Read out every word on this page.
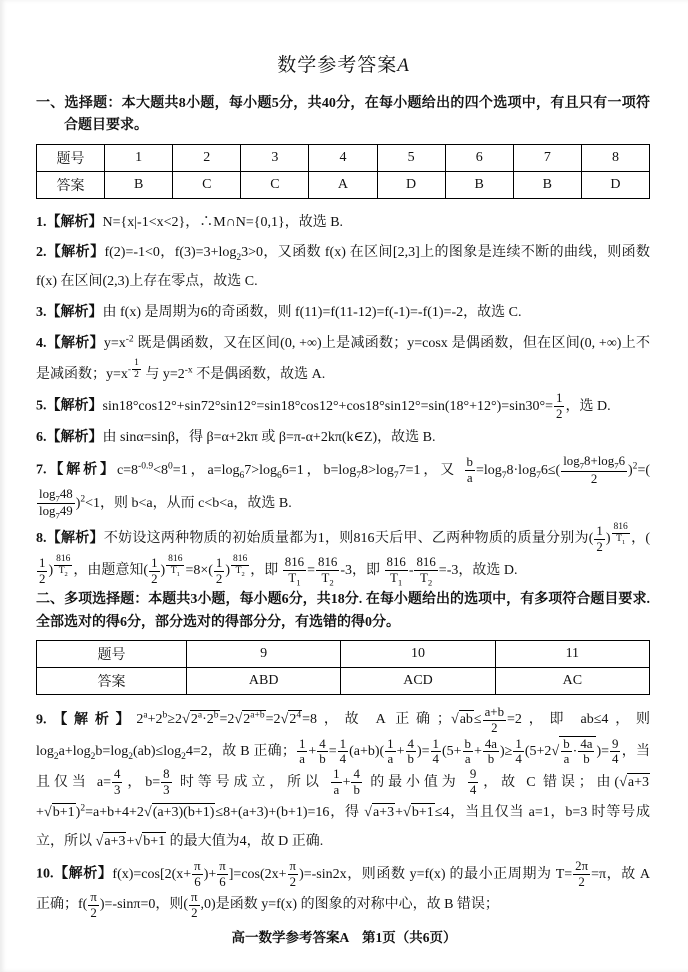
数学参考答案A

一、选择题：本大题共8小题，每小题5分，共40分，在每小题给出的四个选项中，有且只有一项符合题目要求。

题号	1	2	3	4	5	6	7	8
答案	B	C	C	A	D	B	B	D

1.【解析】N={x|-1<x<2}，∴M∩N={0,1}，故选 B.

2.【解析】f(2)=-1<0，$f(3)=3+\log_23>0$，又函数 f(x) 在区间[2,3]上的图象是连续不断的曲线，则函数 f(x) 在区间(2,3)上存在零点，故选 C.

3.【解析】由 f(x) 是周期为6的奇函数，则 f(11)=f(11-12)=f(-1)=-f(1)=-2，故选 C.

4.【解析】$y=x^{-2}$ 既是偶函数，又在区间(0, +∞)上是减函数；y=cosx 是偶函数，但在区间(0, +∞)上不是减函数；$y=x^{- \frac{1}{2}}$ 与 $y=2^{-x}$ 不是偶函数，故选 A.

5.【解析】$\sin 18^\circ\cos 12^\circ+\sin 72^\circ\sin 12^\circ=\sin 18^\circ\cos 12^\circ+\cos 18^\circ\sin 12^\circ=\sin(18^\circ+12^\circ)=\sin 30^\circ= \frac{1}{2}$ ，选 D.

6.【解析】由 sinα=sinβ，得 β=α+2kπ 或 β=π-α+2kπ(k∈Z)，故选 B.

7.【解析】$c=8^{-0.9}<8^0=1$，$a=\log_67>\log_66=1$，$b=\log_78>\log_77=1$，又 $\frac{b}{a} =\log_78\cdot\log_76\le( \frac{\log_78+\log_76}{2} )^2=$(
$\frac{\log_748}{\log_749} )^2<1$，则 b<a，从而 c<b<a，故选 B.

8.【解析】不妨设这两种物质的初始质量都为1，则816天后甲、乙两种物质的质量分别为( $\frac{1}{2}$ ) $^{\frac{816}{T_1}}$ ，(
$\frac{1}{2}$ ) $^{\frac{816}{T_2}}$ ，由题意知( $\frac{1}{2}$ ) $^{\frac{816}{T_1}} =8\times( \frac{1}{2}$ ) $^{\frac{816}{T_2}}$ ，即 $\frac{816}{T_1} = \frac{816}{T_2} -3$，即 $\frac{816}{T_1} - \frac{816}{T_2} =-3$，故选 D.

二、多项选择题：本题共3小题，每小题6分，共18分. 在每小题给出的选项中，有多项符合题目要求. 全部选对的得6分，部分选对的得部分分，有选错的得0分。

题号	9	10	11
答案	ABD	ACD	AC

9.【解析】$2^a+2^b\ge 2√2^a\cdot 2^b=2√2^{a+b}=2√2^4=8$，故 A 正确；$√ab\le \frac{a+b}{2} =2$，即 ab≤4，则 $\log_2a+\log_2b=\log_2(ab)\le\log_24=2$，故 B 正确； $\frac{1}{a} + \frac{4}{b} = \frac{1}{4} (a+b)( \frac{1}{a} + \frac{4}{b}$ )= $\frac{1}{4} (5+ \frac{b}{a} + \frac{4a}{b}$ )≥ $\frac{1}{4} (5+2√ \frac{b}{a} \cdot \frac{4a}{b}$ )= $\frac{9}{4}$ ，当且仅当 $a= \frac{4}{3}$ ，$b= \frac{8}{3}$ 时等号成立，所以 $\frac{1}{a} + \frac{4}{b}$ 的最小值为 $\frac{9}{4}$ ，故 C 错误；由$(√a+3+√b+1)^2=a+b+4+2√(a+3)(b+1)\le 8+(a+3)+(b+1)=16$，得 √a+3+√b+1≤4，当且仅当 a=1，b=3 时等号成立，所以 √a+3+√b+1 的最大值为4，故 D 正确.

10.【解析】$f(x)=\cos[2(x+ \frac{\pi}{6}$ )+ $\frac{\pi}{6} ]=\cos(2x+ \frac{\pi}{2} )=-\sin 2x$，则函数 y=f(x) 的最小正周期为 $T= \frac{2\pi}{2} =\pi$，故 A 正确；$f( \frac{\pi}{2} )=-\sin\pi=0$，则( $\frac{\pi}{2} ,0$)是函数 y=f(x) 的图象的对称中心，故 B 错误；

高一数学参考答案A　第1页（共6页）
